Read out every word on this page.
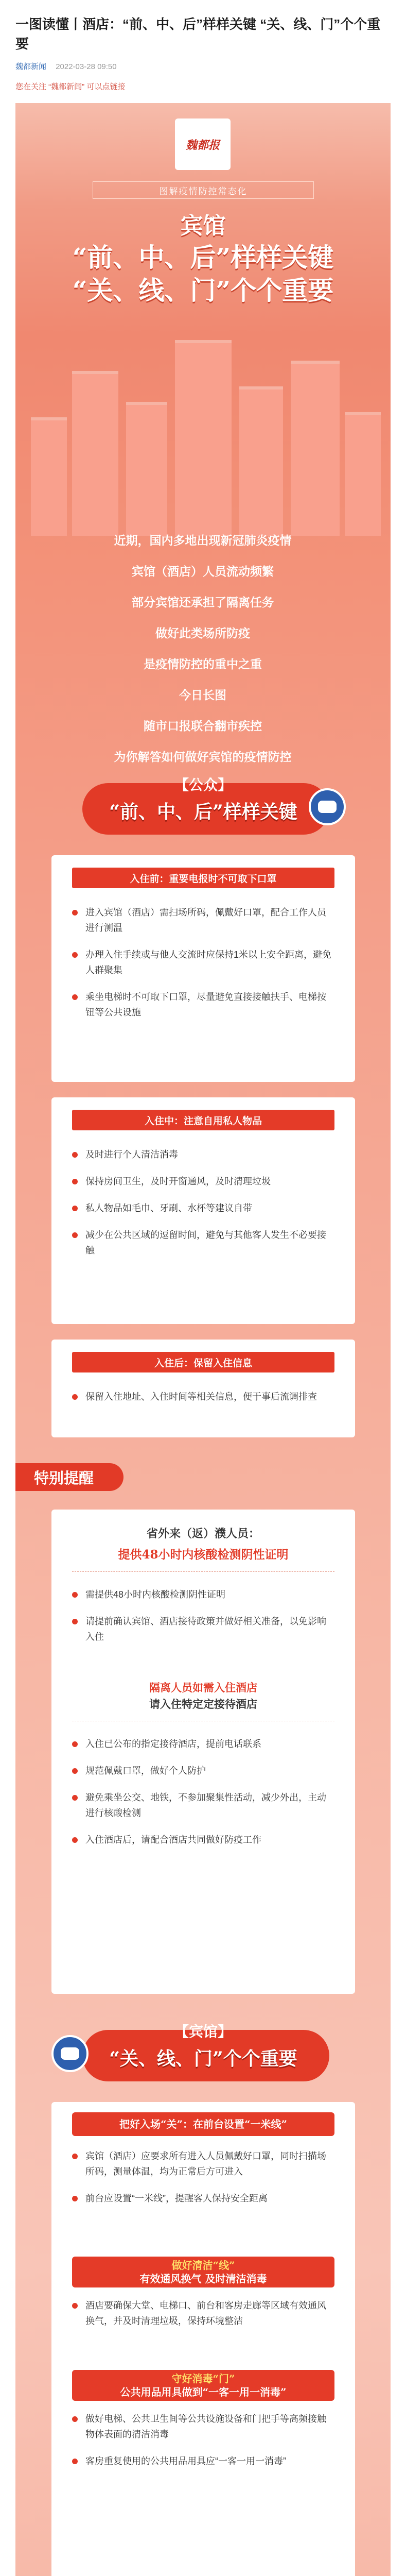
一图读懂丨酒店：“前、中、后”样样关键 “关、线、门”个个重要
魏都新闻 2022-03-28 09:50
您在关注 “魏都新闻” 可以点链接
魏都报
图解疫情防控常态化
宾馆
“前、中、后”样样关键
“关、线、门”个个重要
近期，国内多地出现新冠肺炎疫情
宾馆（酒店）人员流动频繁
部分宾馆还承担了隔离任务
做好此类场所防疫
是疫情防控的重中之重
今日长图
随市口报联合翻市疾控
为你解答如何做好宾馆的疫情防控
【公众】
“前、中、后”样样关键
入住前：重要电报时不可取下口罩
进入宾馆（酒店）需扫场所码，佩戴好口罩，配合工作人员进行测温
办理入住手续或与他人交流时应保持1米以上安全距离，避免人群聚集
乘坐电梯时不可取下口罩，尽量避免直接接触扶手、电梯按钮等公共设施
入住中：注意自用私人物品
及时进行个人清洁消毒
保持房间卫生，及时开窗通风，及时清理垃圾
私人物品如毛巾、牙刷、水杯等建议自带
减少在公共区域的逗留时间，避免与其他客人发生不必要接触
入住后：保留入住信息
保留入住地址、入住时间等相关信息，便于事后流调排查
特别提醒
省外来（返）濮人员：
提供48小时内核酸检测阴性证明
需提供48小时内核酸检测阴性证明
请提前确认宾馆、酒店接待政策并做好相关准备，以免影响入住
隔离人员如需入住酒店
请入住特定定接待酒店
入住已公布的指定接待酒店，提前电话联系
规范佩戴口罩，做好个人防护
避免乘坐公交、地铁，不参加聚集性活动，减少外出，主动进行核酸检测
入住酒店后，请配合酒店共同做好防疫工作
【宾馆】
“关、线、门”个个重要
把好入场“关”：在前台设置“一米线”
宾馆（酒店）应要求所有进入人员佩戴好口罩，同时扫描场所码，测量体温，均为正常后方可进入
前台应设置“一米线”，提醒客人保持安全距离
做好清洁“线”
有效通风换气 及时清洁消毒
酒店要确保大堂、电梯口、前台和客房走廊等区域有效通风换气，并及时清理垃圾，保持环境整洁
守好消毒“门”
公共用品用具做到“一客一用一消毒”
做好电梯、公共卫生间等公共设施设备和门把手等高频接触物体表面的清洁消毒
客房重复使用的公共用品用具应“一客一用一消毒”
